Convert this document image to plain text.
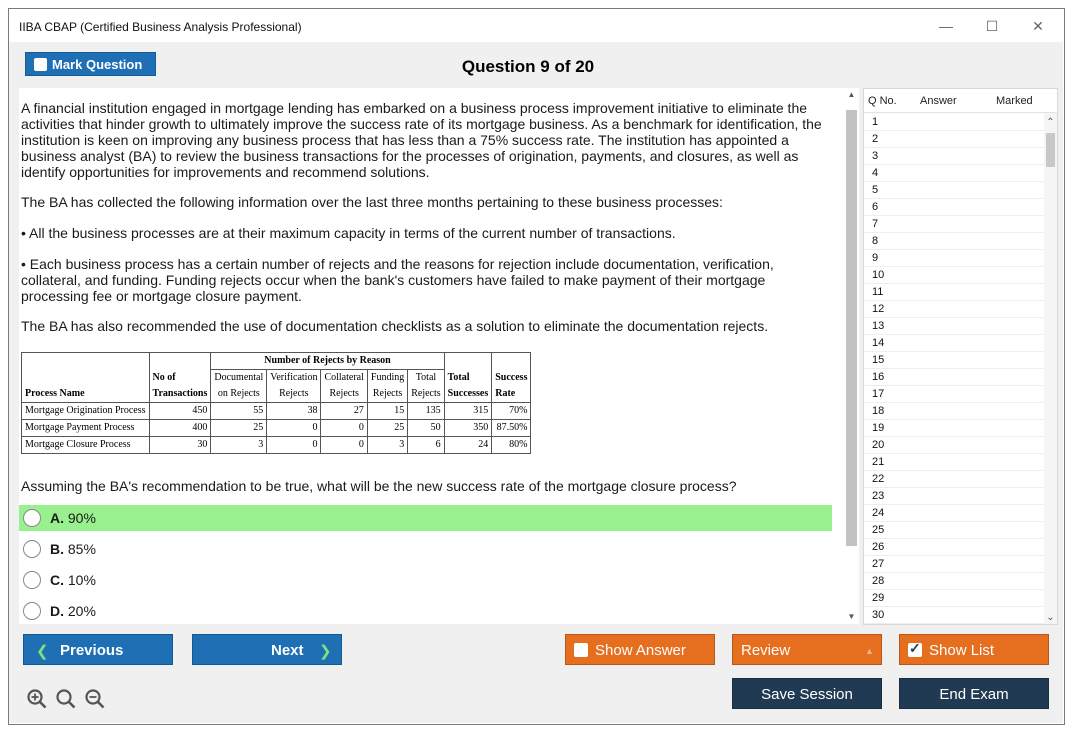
IIBA CBAP (Certified Business Analysis Professional)	—	☐	✕
Mark Question	Question 9 of 20

A financial institution engaged in mortgage lending has embarked on a business process improvement initiative to eliminate the activities that hinder growth to ultimately improve the success rate of its mortgage business. As a benchmark for identification, the institution is keen on improving any business process that has less than a 75% success rate. The institution has appointed a business analyst (BA) to review the business transactions for the processes of origination, payments, and closures, as well as identify opportunities for improvements and recommend solutions.

The BA has collected the following information over the last three months pertaining to these business processes:

• All the business processes are at their maximum capacity in terms of the current number of transactions.

• Each business process has a certain number of rejects and the reasons for rejection include documentation, verification, collateral, and funding. Funding rejects occur when the bank's customers have failed to make payment of their mortgage processing fee or mortgage closure payment.

The BA has also recommended the use of documentation checklists as a solution to eliminate the documentation rejects.

		Number of Rejects by Reason						
	No of	Documental	Verification	Collateral	Funding	Total	Total	Success
Process Name	Transactions	on Rejects	Rejects	Rejects	Rejects	Rejects	Successes	Rate
Mortgage Origination Process	450	55	38	27	15	135	315	70%
Mortgage Payment Process	400	25	0	0	25	50	350	87.50%
Mortgage Closure Process	30	3	0	0	3	6	24	80%
Assuming the BA's recommendation to be true, what will be the new success rate of the mortgage closure process?
A. 90%
B. 85%
C. 10%
D. 20%
▲
▼
Q No. Answer	Marked
1
2
3
4
5
6
7
8
9
10
11
12
13
14
15
16
17
18
19
20
21
22
23
24
25
26
27
28
29
30
⌃
⌄
❮ Previous	Next ❯	Show Answer	Review	▲ ✓	Show List
Save Session	End Exam
